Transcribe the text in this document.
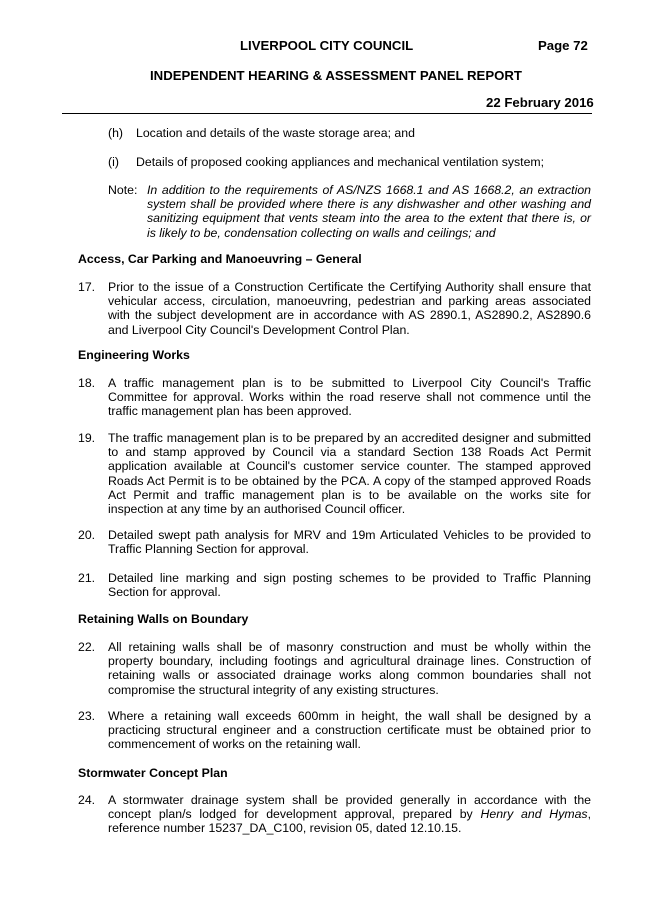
LIVERPOOL CITY COUNCIL	Page 72
INDEPENDENT HEARING & ASSESSMENT PANEL REPORT
22 February 2016
(h) Location and details of the waste storage area; and
(i) Details of proposed cooking appliances and mechanical ventilation system;
Note: In addition to the requirements of AS/NZS 1668.1 and AS 1668.2, an extraction system shall be provided where there is any dishwasher and other washing and sanitizing equipment that vents steam into the area to the extent that there is, or is likely to be, condensation collecting on walls and ceilings; and
Access, Car Parking and Manoeuvring – General
17. Prior to the issue of a Construction Certificate the Certifying Authority shall ensure that vehicular access, circulation, manoeuvring, pedestrian and parking areas associated with the subject development are in accordance with AS 2890.1, AS2890.2, AS2890.6 and Liverpool City Council's Development Control Plan.
Engineering Works
18. A traffic management plan is to be submitted to Liverpool City Council's Traffic Committee for approval. Works within the road reserve shall not commence until the traffic management plan has been approved.
19. The traffic management plan is to be prepared by an accredited designer and submitted to and stamp approved by Council via a standard Section 138 Roads Act Permit application available at Council's customer service counter. The stamped approved Roads Act Permit is to be obtained by the PCA. A copy of the stamped approved Roads Act Permit and traffic management plan is to be available on the works site for inspection at any time by an authorised Council officer.
20. Detailed swept path analysis for MRV and 19m Articulated Vehicles to be provided to Traffic Planning Section for approval.
21. Detailed line marking and sign posting schemes to be provided to Traffic Planning Section for approval.
Retaining Walls on Boundary
22. All retaining walls shall be of masonry construction and must be wholly within the property boundary, including footings and agricultural drainage lines. Construction of retaining walls or associated drainage works along common boundaries shall not compromise the structural integrity of any existing structures.
23. Where a retaining wall exceeds 600mm in height, the wall shall be designed by a practicing structural engineer and a construction certificate must be obtained prior to commencement of works on the retaining wall.
Stormwater Concept Plan
24. A stormwater drainage system shall be provided generally in accordance with the concept plan/s lodged for development approval, prepared by Henry and Hymas, reference number 15237_DA_C100, revision 05, dated 12.10.15.
